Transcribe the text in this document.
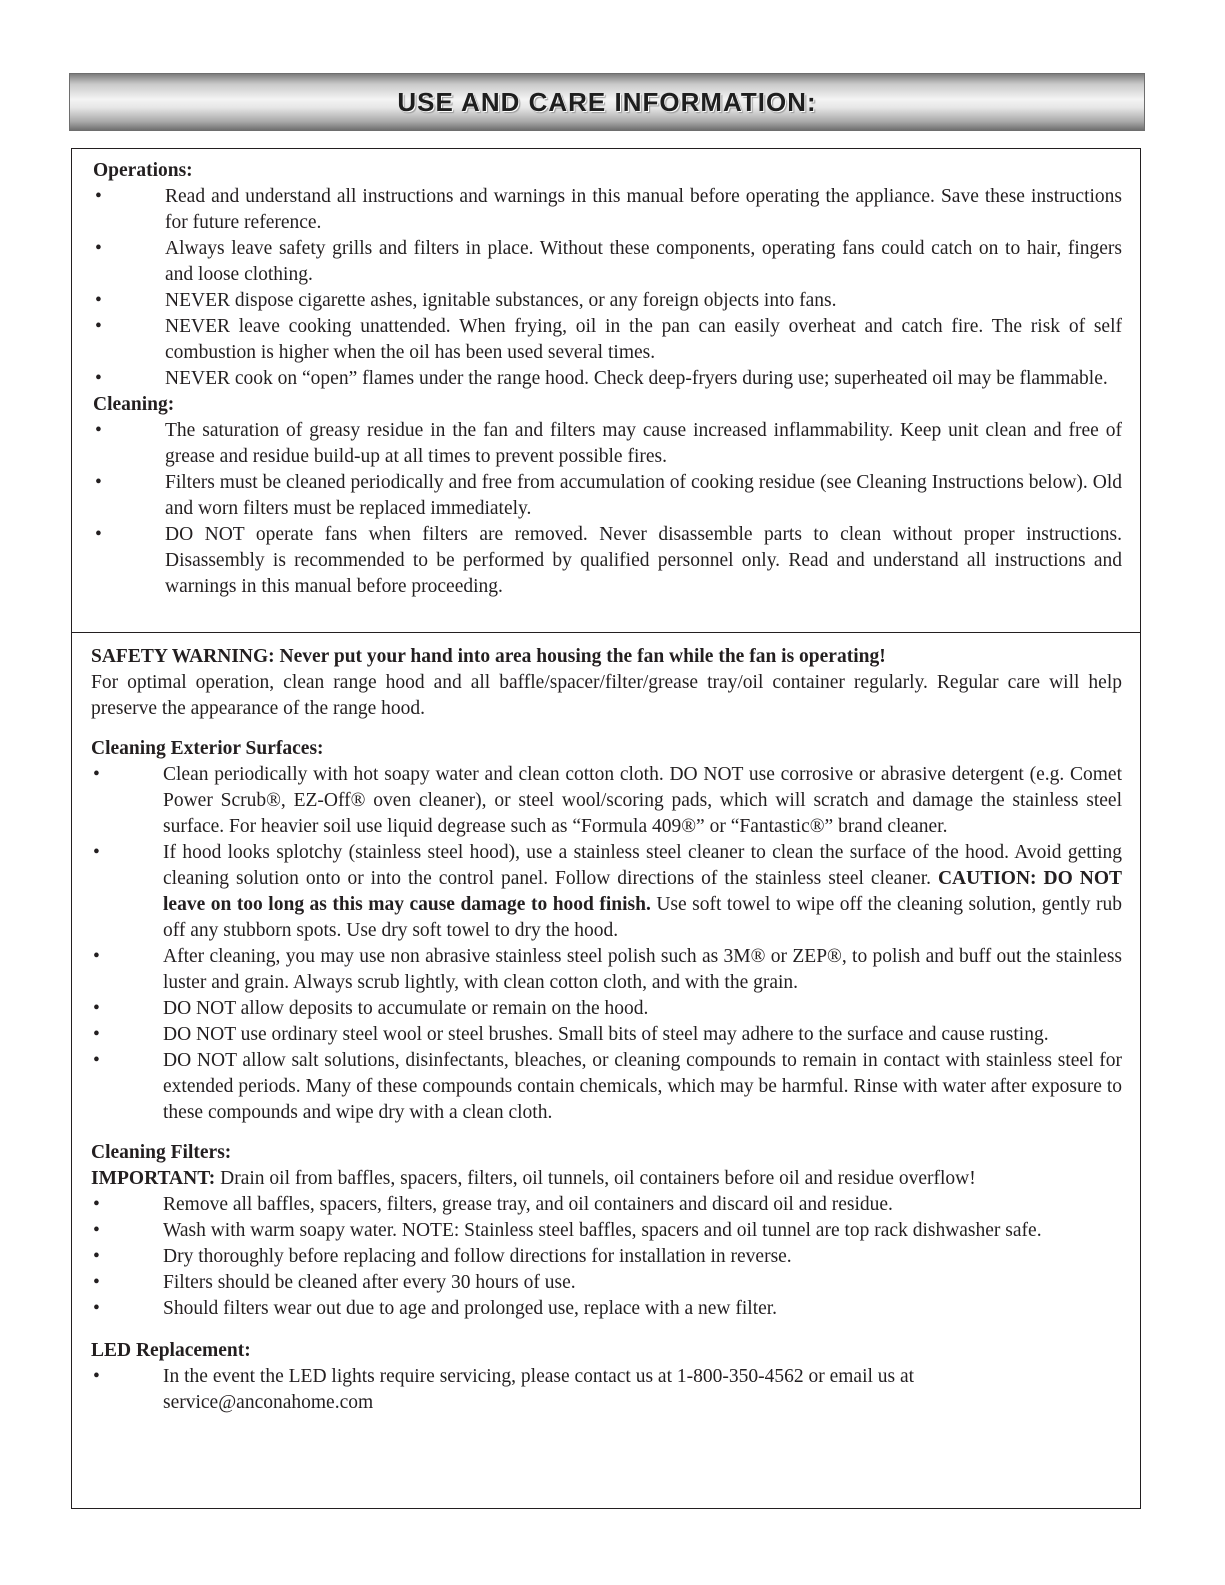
USE AND CARE INFORMATION:
Operations:
• Read and understand all instructions and warnings in this manual before operating the appliance. Save these instructions for future reference.
• Always leave safety grills and filters in place. Without these components, operating fans could catch on to hair, fingers and loose clothing.
• NEVER dispose cigarette ashes, ignitable substances, or any foreign objects into fans.
• NEVER leave cooking unattended. When frying, oil in the pan can easily overheat and catch fire. The risk of self combustion is higher when the oil has been used several times.
• NEVER cook on “open” flames under the range hood. Check deep-fryers during use; superheated oil may be flammable.
Cleaning:
• The saturation of greasy residue in the fan and filters may cause increased inflammability. Keep unit clean and free of grease and residue build-up at all times to prevent possible fires.
• Filters must be cleaned periodically and free from accumulation of cooking residue (see Cleaning Instructions below). Old and worn filters must be replaced immediately.
• DO NOT operate fans when filters are removed. Never disassemble parts to clean without proper instructions. Disassembly is recommended to be performed by qualified personnel only. Read and understand all instructions and warnings in this manual before proceeding.
SAFETY WARNING: Never put your hand into area housing the fan while the fan is operating!
For optimal operation, clean range hood and all baffle/spacer/filter/grease tray/oil container regularly. Regular care will help preserve the appearance of the range hood.
Cleaning Exterior Surfaces:
• Clean periodically with hot soapy water and clean cotton cloth. DO NOT use corrosive or abrasive detergent (e.g. Comet Power Scrub®, EZ-Off® oven cleaner), or steel wool/scoring pads, which will scratch and damage the stainless steel surface. For heavier soil use liquid degrease such as “Formula 409®” or “Fantastic®” brand cleaner.
• If hood looks splotchy (stainless steel hood), use a stainless steel cleaner to clean the surface of the hood. Avoid getting cleaning solution onto or into the control panel. Follow directions of the stainless steel cleaner. CAUTION: DO NOT leave on too long as this may cause damage to hood finish. Use soft towel to wipe off the cleaning solution, gently rub off any stubborn spots. Use dry soft towel to dry the hood.
• After cleaning, you may use non abrasive stainless steel polish such as 3M® or ZEP®, to polish and buff out the stainless luster and grain. Always scrub lightly, with clean cotton cloth, and with the grain.
• DO NOT allow deposits to accumulate or remain on the hood.
• DO NOT use ordinary steel wool or steel brushes. Small bits of steel may adhere to the surface and cause rusting.
• DO NOT allow salt solutions, disinfectants, bleaches, or cleaning compounds to remain in contact with stainless steel for extended periods. Many of these compounds contain chemicals, which may be harmful. Rinse with water after exposure to these compounds and wipe dry with a clean cloth.
Cleaning Filters:
IMPORTANT: Drain oil from baffles, spacers, filters, oil tunnels, oil containers before oil and residue overflow!
• Remove all baffles, spacers, filters, grease tray, and oil containers and discard oil and residue.
• Wash with warm soapy water. NOTE: Stainless steel baffles, spacers and oil tunnel are top rack dishwasher safe.
• Dry thoroughly before replacing and follow directions for installation in reverse.
• Filters should be cleaned after every 30 hours of use.
• Should filters wear out due to age and prolonged use, replace with a new filter.
LED Replacement:
• In the event the LED lights require servicing, please contact us at 1-800-350-4562 or email us at service@anconahome.com
